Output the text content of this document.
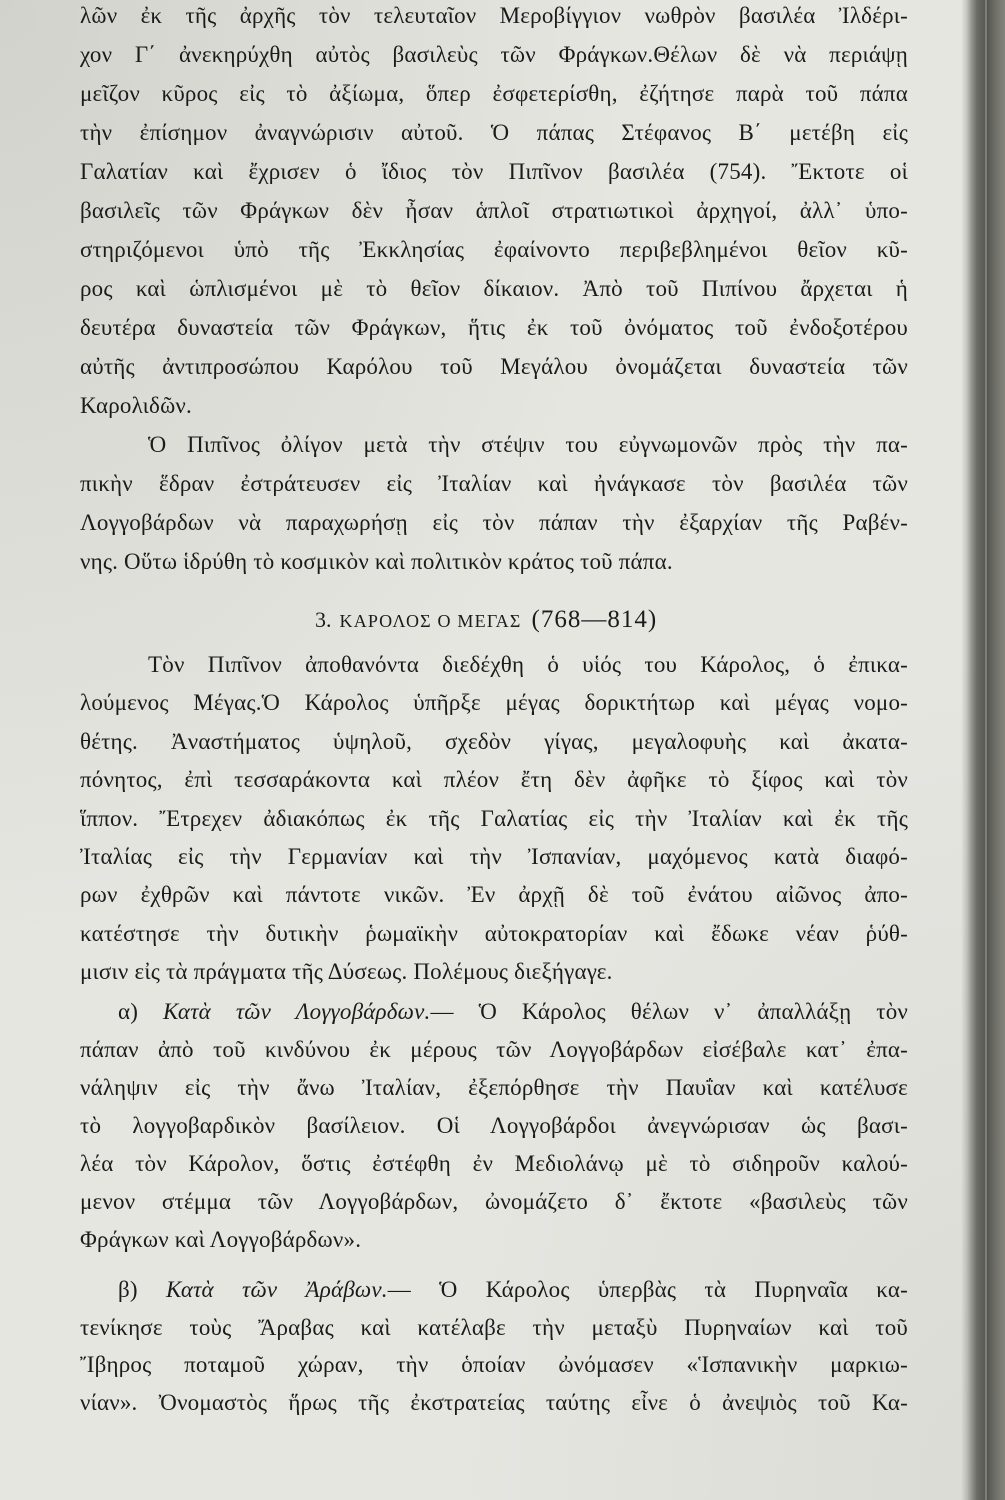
λῶν ἐκ τῆς ἀρχῆς τὸν τελευταῖον Μεροβίγγιον νωθρὸν βασιλέα Ἰλδέρι-
χον Γ΄ ἀνεκηρύχθη αὐτὸς βασιλεὺς τῶν Φράγκων.Θέλων δὲ νὰ περιάψῃ
μεῖζον κῦρος εἰς τὸ ἀξίωμα, ὅπερ ἐσφετερίσθη, ἐζήτησε παρὰ τοῦ πάπα
τὴν ἐπίσημον ἀναγνώρισιν αὐτοῦ. Ὁ πάπας Στέφανος Β΄ μετέβη εἰς
Γαλατίαν καὶ ἔχρισεν ὁ ἴδιος τὸν Πιπῖνον βασιλέα (754). Ἔκτοτε οἱ
βασιλεῖς τῶν Φράγκων δὲν ἦσαν ἁπλοῖ στρατιωτικοὶ ἀρχηγοί, ἀλλ᾿ ὑπο-
στηριζόμενοι ὑπὸ τῆς Ἐκκλησίας ἐφαίνοντο περιβεβλημένοι θεῖον κῦ-
ρος καὶ ὡπλισμένοι μὲ τὸ θεῖον δίκαιον. Ἀπὸ τοῦ Πιπίνου ἄρχεται ἡ
δευτέρα δυναστεία τῶν Φράγκων, ἥτις ἐκ τοῦ ὀνόματος τοῦ ἐνδοξοτέρου
αὐτῆς ἀντιπροσώπου Καρόλου τοῦ Μεγάλου ὀνομάζεται δυναστεία τῶν
Καρολιδῶν.
Ὁ Πιπῖνος ὀλίγον μετὰ τὴν στέψιν του εὐγνωμονῶν πρὸς τὴν πα-
πικὴν ἕδραν ἐστράτευσεν εἰς Ἰταλίαν καὶ ἠνάγκασε τὸν βασιλέα τῶν
Λογγοβάρδων νὰ παραχωρήσῃ εἰς τὸν πάπαν τὴν ἐξαρχίαν τῆς Ραβέν-
νης. Οὕτω ἱδρύθη τὸ κοσμικὸν καὶ πολιτικὸν κράτος τοῦ πάπα.
3. ΚΑΡΟΛΟΣ Ο ΜΕΓΑΣ (768—814)
Τὸν Πιπῖνον ἀποθανόντα διεδέχθη ὁ υἱός του Κάρολος, ὁ ἐπικα-
λούμενος Μέγας.Ὁ Κάρολος ὑπῆρξε μέγας δορικτήτωρ καὶ μέγας νομο-
θέτης. Ἀναστήματος ὑψηλοῦ, σχεδὸν γίγας, μεγαλοφυὴς καὶ ἀκατα-
πόνητος, ἐπὶ τεσσαράκοντα καὶ πλέον ἔτη δὲν ἀφῆκε τὸ ξίφος καὶ τὸν
ἵππον. Ἔτρεχεν ἀδιακόπως ἐκ τῆς Γαλατίας εἰς τὴν Ἰταλίαν καὶ ἐκ τῆς
Ἰταλίας εἰς τὴν Γερμανίαν καὶ τὴν Ἰσπανίαν, μαχόμενος κατὰ διαφό-
ρων ἐχθρῶν καὶ πάντοτε νικῶν. Ἐν ἀρχῇ δὲ τοῦ ἐνάτου αἰῶνος ἀπο-
κατέστησε τὴν δυτικὴν ῥωμαϊκὴν αὐτοκρατορίαν καὶ ἔδωκε νέαν ῥύθ-
μισιν εἰς τὰ πράγματα τῆς Δύσεως. Πολέμους διεξήγαγε.
α) Κατὰ τῶν Λογγοβάρδων.— Ὁ Κάρολος θέλων ν᾿ ἀπαλλάξῃ τὸν
πάπαν ἀπὸ τοῦ κινδύνου ἐκ μέρους τῶν Λογγοβάρδων εἰσέβαλε κατ᾿ ἐπα-
νάληψιν εἰς τὴν ἄνω Ἰταλίαν, ἐξεπόρθησε τὴν Παυΐαν καὶ κατέλυσε
τὸ λογγοβαρδικὸν βασίλειον. Οἱ Λογγοβάρδοι ἀνεγνώρισαν ὡς βασι-
λέα τὸν Κάρολον, ὅστις ἐστέφθη ἐν Μεδιολάνῳ μὲ τὸ σιδηροῦν καλού-
μενον στέμμα τῶν Λογγοβάρδων, ὠνομάζετο δ᾿ ἔκτοτε «βασιλεὺς τῶν
Φράγκων καὶ Λογγοβάρδων».
β) Κατὰ τῶν Ἀράβων.— Ὁ Κάρολος ὑπερβὰς τὰ Πυρηναῖα κα-
τενίκησε τοὺς Ἄραβας καὶ κατέλαβε τὴν μεταξὺ Πυρηναίων καὶ τοῦ
Ἴβηρος ποταμοῦ χώραν, τὴν ὁποίαν ὠνόμασεν «Ἱσπανικὴν μαρκιω-
νίαν». Ὀνομαστὸς ἥρως τῆς ἐκστρατείας ταύτης εἶνε ὁ ἀνεψιὸς τοῦ Κα-
